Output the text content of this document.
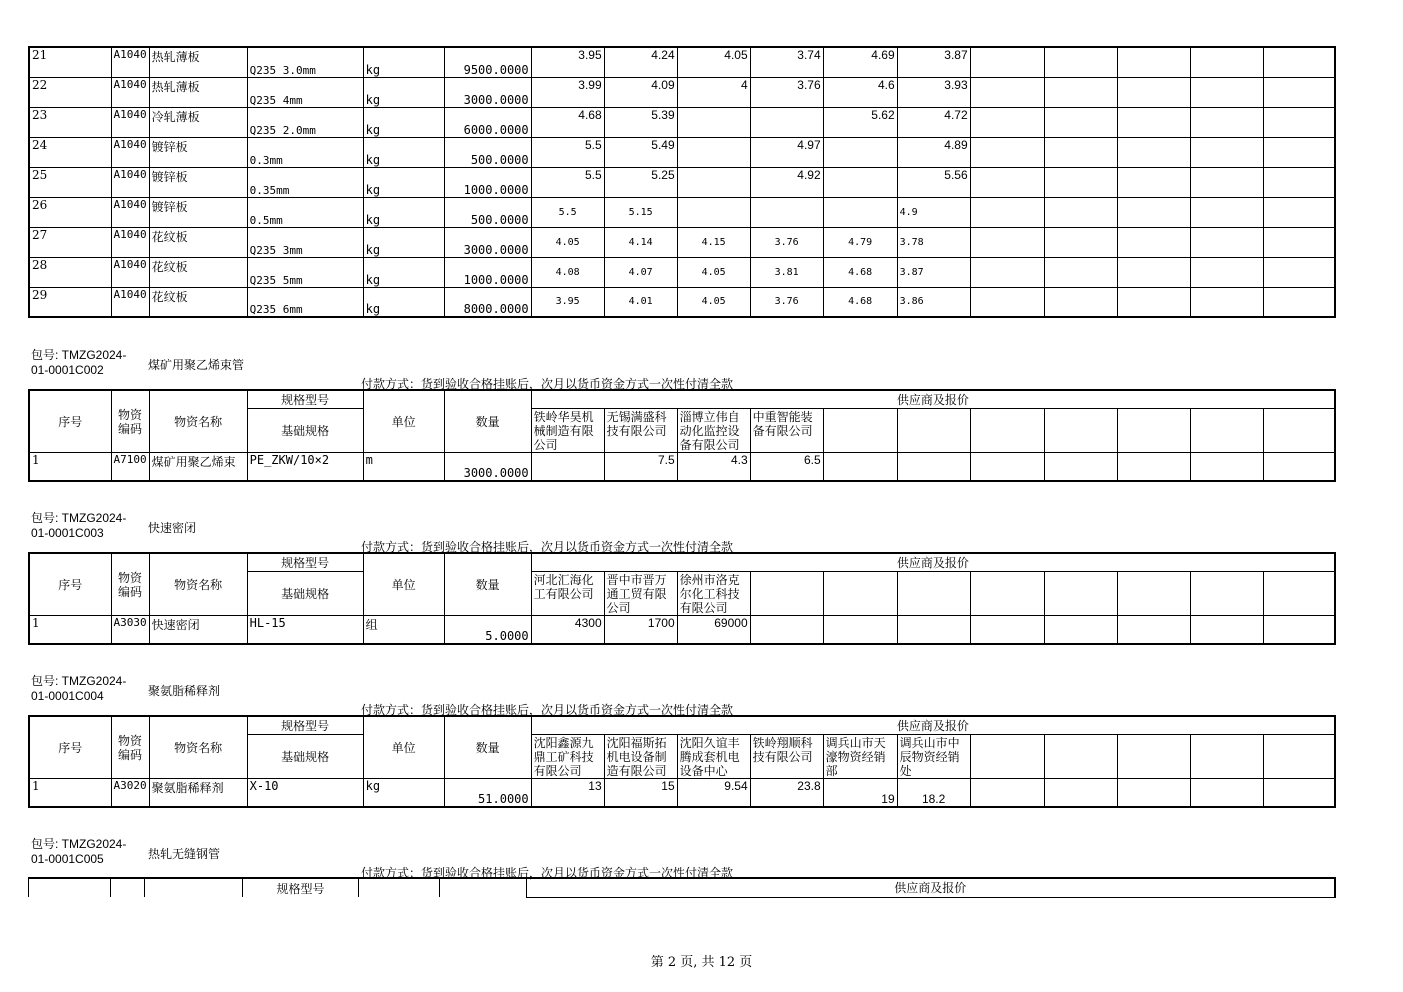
21	A1040	热轧薄板	Q235 3.0mm	kg	9500.0000	3.95	4.24	4.05	3.74	4.69	3.87					
22	A1040	热轧薄板	Q235 4mm	kg	3000.0000	3.99	4.09	4	3.76	4.6	3.93					
23	A1040	冷轧薄板	Q235 2.0mm	kg	6000.0000	4.68	5.39			5.62	4.72					
24	A1040	镀锌板	0.3mm	kg	500.0000	5.5	5.49		4.97		4.89					
25	A1040	镀锌板	0.35mm	kg	1000.0000	5.5	5.25		4.92		5.56					
26	A1040	镀锌板	0.5mm	kg	500.0000	5.5	5.15				4.9					
27	A1040	花纹板	Q235 3mm	kg	3000.0000	4.05	4.14	4.15	3.76	4.79	3.78					
28	A1040	花纹板	Q235 5mm	kg	1000.0000	4.08	4.07	4.05	3.81	4.68	3.87					
29	A1040	花纹板	Q235 6mm	kg	8000.0000	3.95	4.01	4.05	3.76	4.68	3.86					
包号: TMZG2024-
01-0001C002	煤矿用聚乙烯束管
付款方式：货到验收合格挂账后，次月以货币资金方式一次性付清全款
序号	物资编码	物资名称	规格型号	单位	数量	供应商及报价										
			基础规格			铁岭华昊机械制造有限公司	无锡满盛科技有限公司	淄博立伟自动化监控设备有限公司	中重智能装备有限公司							
1	A7100	煤矿用聚乙烯束	PE_ZKW/10×2	m	3000.0000		7.5	4.3	6.5							
包号: TMZG2024-
01-0001C003	快速密闭
付款方式：货到验收合格挂账后，次月以货币资金方式一次性付清全款
序号	物资编码	物资名称	规格型号	单位	数量	供应商及报价										
			基础规格			河北汇海化工有限公司	晋中市晋万通工贸有限公司	徐州市洛克尔化工科技有限公司								
1	A3030	快速密闭	HL-15	组	5.0000	4300	1700	69000								
包号: TMZG2024-
01-0001C004	聚氨脂稀释剂
付款方式：货到验收合格挂账后，次月以货币资金方式一次性付清全款
序号	物资编码	物资名称	规格型号	单位	数量	供应商及报价										
			基础规格			沈阳鑫源九鼎工矿科技有限公司	沈阳福斯拓机电设备制造有限公司	沈阳久谊丰腾成套机电设备中心	铁岭翔顺科技有限公司	调兵山市天濠物资经销部	调兵山市中辰物资经销处					
1	A3020	聚氨脂稀释剂	X-10	kg	51.0000	13	15	9.54	23.8	19	18.2					
包号: TMZG2024-
01-0001C005	热轧无缝钢管
付款方式：货到验收合格挂账后，次月以货币资金方式一次性付清全款
			规格型号			供应商及报价
第 2 页, 共 12 页
